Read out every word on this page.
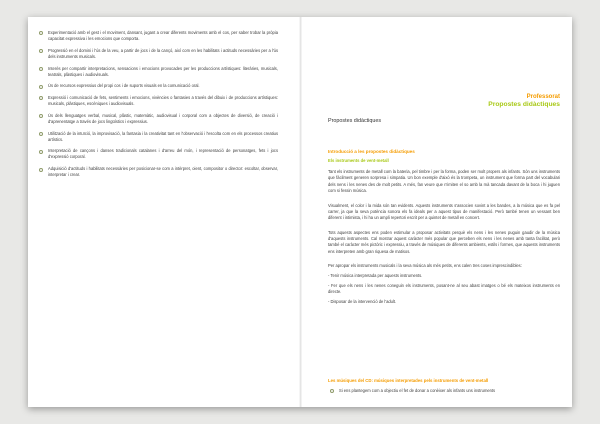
Experimentació amb el gest i el moviment, dansant, jugant a crear diferents moviments amb el cos, per saber trobar la pròpia capacitat expressiva i les emocions que comporta.
Progressió en el domini i l'ús de la veu, a partir de jocs i de la cançó, així com en les habilitats i actituds necessàries per a l'ús dels instruments musicals.
Interès per compartir interpretacions, sensacions i emocions provocades per les produccions artístiques: literàries, musicals, teatrals, plàstiques i audiovisuals.
Ús de recursos expressius del propi cos i de suports visuals en la comunicació oral.
Expressió i comunicació de fets, sentiments i emocions, vivències o fantasies a través del dibuix i de produccions artístiques: musicals, plàstiques, escèniques i audiovisuals.
Ús dels llenguatges verbal, musical, plàstic, matemàtic, audiovisual i corporal com a objectes de diversió, de creació i d'aprenentatge a través de jocs lingüístics i expressius.
Utilització de la intuïció, la improvisació, la fantasia i la creativitat tant en l'observació i l'escolta com en els processos creatius artístics.
Interpretació de cançons i danses tradicionals catalanes i d'arreu del món, i representació de personatges, fets i jocs d'expressió corporal.
Adquisició d'actituds i habilitats necessàries per posicionar-se com a intèrpret, oient, compositor o director: escoltar, observar, interpretar i crear.
Professorat
Propostes didàctiques
Propostes didàctiques
Introducció a les propostes didàctiques
Els instruments de vent-metall

Tant els instruments de metall com la bateria, pel timbre i per la forma, poden ser molt propers als infants. Són uns instruments que fàcilment generen sorpresa i simpatia. Un bon exemple d'això és la trompeta, un instrument que forma part del vocabulari dels nens i les nenes des de molt petits. A més, fan veure que n'imiten el so amb la mà tancada davant de la boca i hi juguen com si fessin música.

Visualment, el color i la mida són tan evidents. Aquests instruments s'associen sovint a les bandes, a la música que es fa pel carrer, ja que la seva potència sonora els fa ideals per a aquest tipus de manifestació. Però també tenen un vessant ben diferent i intimista, i hi ha un ampli repertori escrit per a quintet de metall en concert.

Tots aquests aspectes ens poden estimular a proposar activitats perquè els nens i les nenes puguin gaudir de la música d'aquests instruments. Cal mostrar aquest caràcter més popular que perceben els nens i les nenes amb tanta facilitat, però també el caràcter més pictòric i expressiu, a través de músiques de diferents ambients, estils i formes, que aquests instruments ens interpreten amb gran riquesa de matisos.

Per apropar els instruments musicals i la seva música als més petits, ens calen tres coses imprescindibles:

- Tenir música interpretada per aquests instruments.
- Fer que els nens i les nenes coneguin els instruments, posant-ne al seu abast imatges o bé els mateixos instruments en directe.
- Disposar de la intervenció de l'adult.
Les músiques del CD: músiques interpretades pels instruments de vent-metall
Si ens plantegem com a objectiu el fet de donar a conèixer als infants uns instruments
